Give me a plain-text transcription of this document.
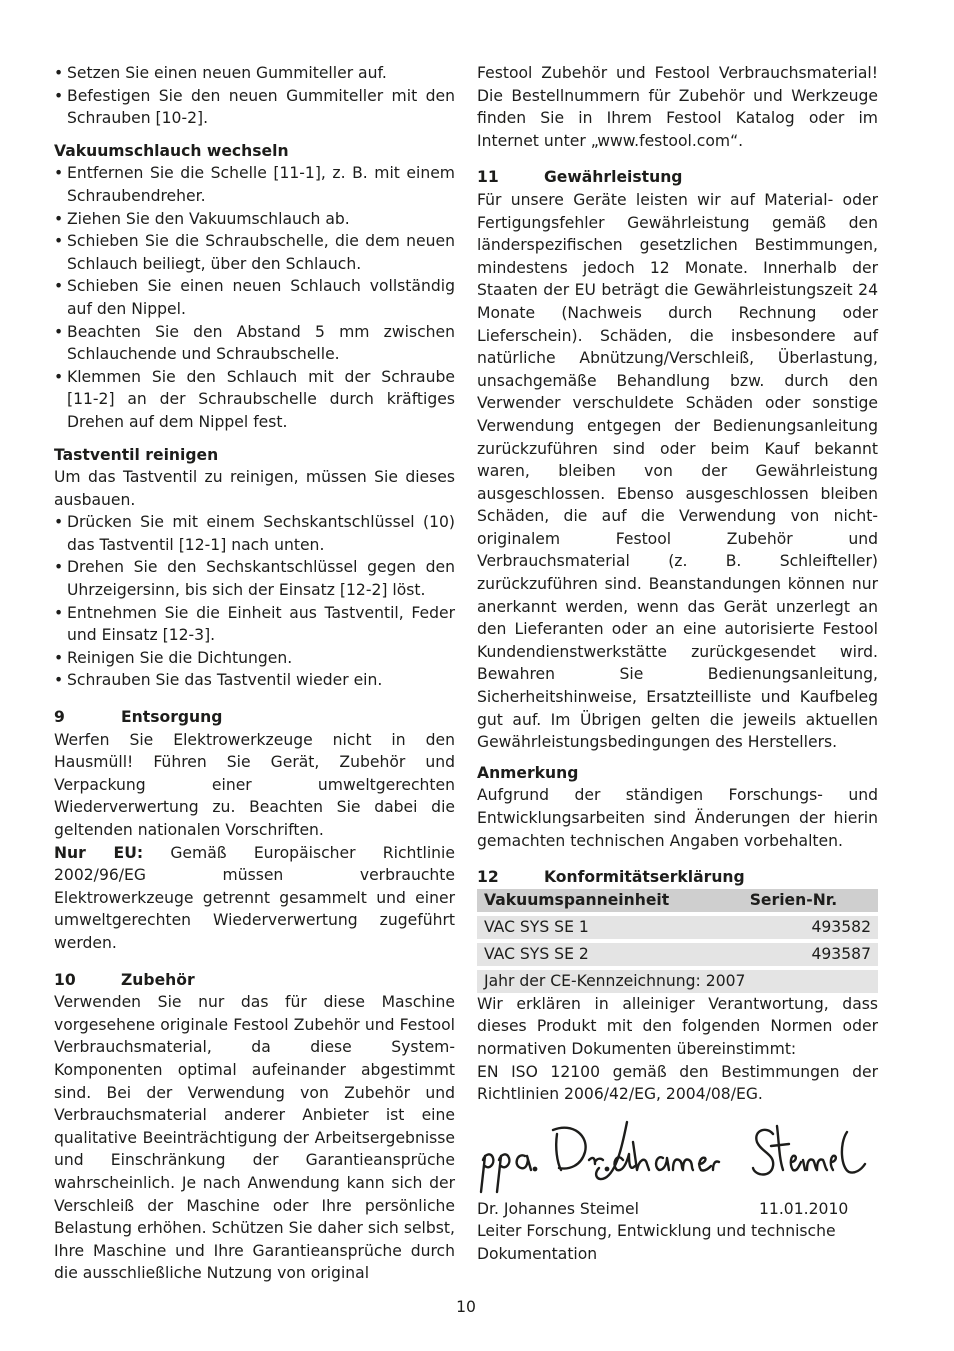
• Setzen Sie einen neuen Gummiteller auf.
• Befestigen Sie den neuen Gummiteller mit den Schrauben [10-2].
Vakuumschlauch wechseln
• Entfernen Sie die Schelle [11-1], z. B. mit einem Schraubendreher.
• Ziehen Sie den Vakuumschlauch ab.
• Schieben Sie die Schraubschelle, die dem neuen Schlauch beiliegt, über den Schlauch.
• Schieben Sie einen neuen Schlauch vollständig auf den Nippel.
• Beachten Sie den Abstand 5 mm zwischen Schlauchende und Schraubschelle.
• Klemmen Sie den Schlauch mit der Schraube [11-2] an der Schraubschelle durch kräftiges Drehen auf dem Nippel fest.
Tastventil reinigen

Um das Tastventil zu reinigen, müssen Sie dieses ausbauen.

• Drücken Sie mit einem Sechskantschlüssel (10) das Tastventil [12-1] nach unten.
• Drehen Sie den Sechskantschlüssel gegen den Uhrzeigersinn, bis sich der Einsatz [12-2] löst.
• Entnehmen Sie die Einheit aus Tastventil, Feder und Einsatz [12-3].
• Reinigen Sie die Dichtungen.
• Schrauben Sie das Tastventil wieder ein.
9	Entsorgung

Werfen Sie Elektrowerkzeuge nicht in den Hausmüll! Führen Sie Gerät, Zubehör und Verpackung einer umweltgerechten Wiederverwertung zu. Beachten Sie dabei die geltenden nationalen Vorschriften.

Nur EU: Gemäß Europäischer Richtlinie 2002/96/EG müssen verbrauchte Elektrowerkzeuge getrennt gesammelt und einer umweltgerechten Wiederverwertung zugeführt werden.

10	Zubehör

Verwenden Sie nur das für diese Maschine vorgesehene originale Festool Zubehör und Festool Verbrauchsmaterial, da diese System-Komponenten optimal aufeinander abgestimmt sind. Bei der Verwendung von Zubehör und Verbrauchsmaterial anderer Anbieter ist eine qualitative Beeinträchtigung der Arbeitsergebnisse und Einschränkung der Garantieansprüche wahrscheinlich. Je nach Anwendung kann sich der Verschleiß der Maschine oder Ihre persönliche Belastung erhöhen. Schützen Sie daher sich selbst, Ihre Maschine und Ihre Garantieansprüche durch die ausschließliche Nutzung von original

Festool Zubehör und Festool Verbrauchsmaterial! Die Bestellnummern für Zubehör und Werkzeuge finden Sie in Ihrem Festool Katalog oder im Internet unter „www.festool.com“.

11	Gewährleistung

Für unsere Geräte leisten wir auf Material- oder Fertigungsfehler Gewährleistung gemäß den länderspezifischen gesetzlichen Bestimmungen, mindestens jedoch 12 Monate. Innerhalb der Staaten der EU beträgt die Gewährleistungszeit 24 Monate (Nachweis durch Rechnung oder Lieferschein). Schäden, die insbesondere auf natürliche Abnützung/Verschleiß, Überlastung, unsachgemäße Behandlung bzw. durch den Verwender verschuldete Schäden oder sonstige Verwendung entgegen der Bedienungsanleitung zurückzuführen sind oder beim Kauf bekannt waren, bleiben von der Gewährleistung ausgeschlossen. Ebenso ausgeschlossen bleiben Schäden, die auf die Verwendung von nicht-originalem Festool Zubehör und Verbrauchsmaterial (z. B. Schleifteller) zurückzuführen sind. Beanstandungen können nur anerkannt werden, wenn das Gerät unzerlegt an den Lieferanten oder an eine autorisierte Festool Kundendienstwerkstätte zurückgesendet wird. Bewahren Sie Bedienungsanleitung, Sicherheitshinweise, Ersatzteilliste und Kaufbeleg gut auf. Im Übrigen gelten die jeweils aktuellen Gewährleistungsbedingungen des Herstellers.

Anmerkung

Aufgrund der ständigen Forschungs- und Entwicklungsarbeiten sind Änderungen der hierin gemachten technischen Angaben vorbehalten.

12	Konformitätserklärung
Vakuumspanneinheit	Serien-Nr.
VAC SYS SE 1	493582
VAC SYS SE 2	493587
Jahr der CE-Kennzeichnung: 2007	

Wir erklären in alleiniger Verantwortung, dass dieses Produkt mit den folgenden Normen oder normativen Dokumenten übereinstimmt:

EN ISO 12100 gemäß den Bestimmungen der Richtlinien 2006/42/EG, 2004/08/EG.

Dr. Johannes Steimel	11.01.2010

Leiter Forschung, Entwicklung und technische Dokumentation

10
